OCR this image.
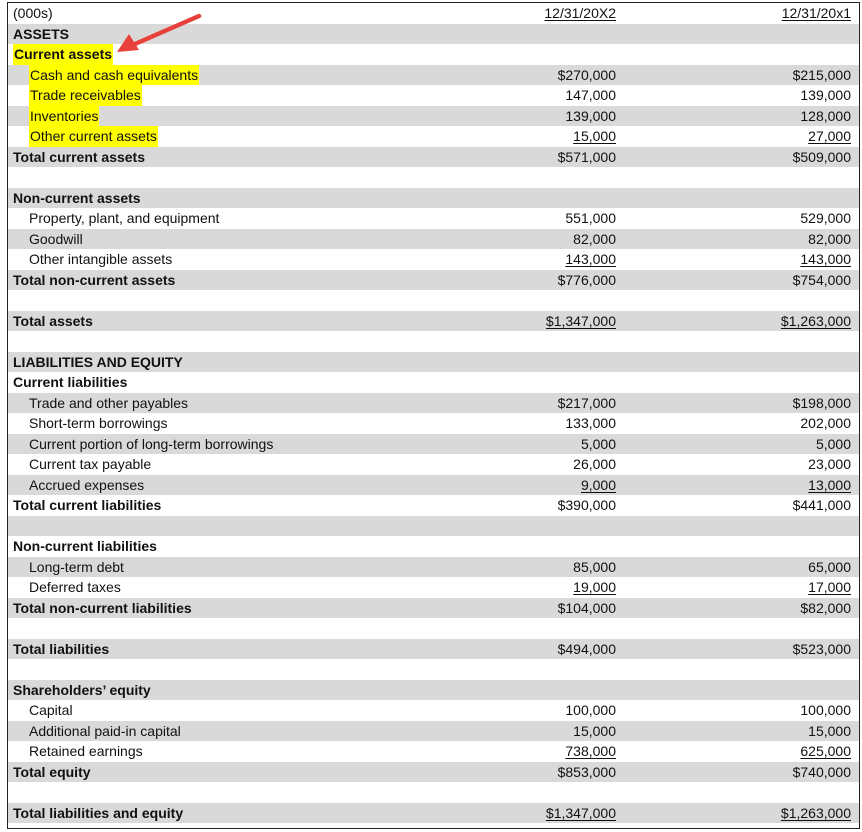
(000s)	12/31/20X2	12/31/20x1
ASSETS
Current assets
Cash and cash equivalents	$270,000	$215,000
Trade receivables	147,000	139,000
Inventories	139,000	128,000
Other current assets	15,000	27,000
Total current assets	$571,000	$509,000
Non-current assets
Property, plant, and equipment	551,000	529,000
Goodwill	82,000	82,000
Other intangible assets	143,000	143,000
Total non-current assets	$776,000	$754,000
Total assets	$1,347,000	$1,263,000
LIABILITIES AND EQUITY
Current liabilities
Trade and other payables	$217,000	$198,000
Short-term borrowings	133,000	202,000
Current portion of long-term borrowings	5,000	5,000
Current tax payable	26,000	23,000
Accrued expenses	9,000	13,000
Total current liabilities	$390,000	$441,000
Non-current liabilities
Long-term debt	85,000	65,000
Deferred taxes	19,000	17,000
Total non-current liabilities	$104,000	$82,000
Total liabilities	$494,000	$523,000
Shareholders’ equity
Capital	100,000	100,000
Additional paid-in capital	15,000	15,000
Retained earnings	738,000	625,000
Total equity	$853,000	$740,000
Total liabilities and equity	$1,347,000	$1,263,000
